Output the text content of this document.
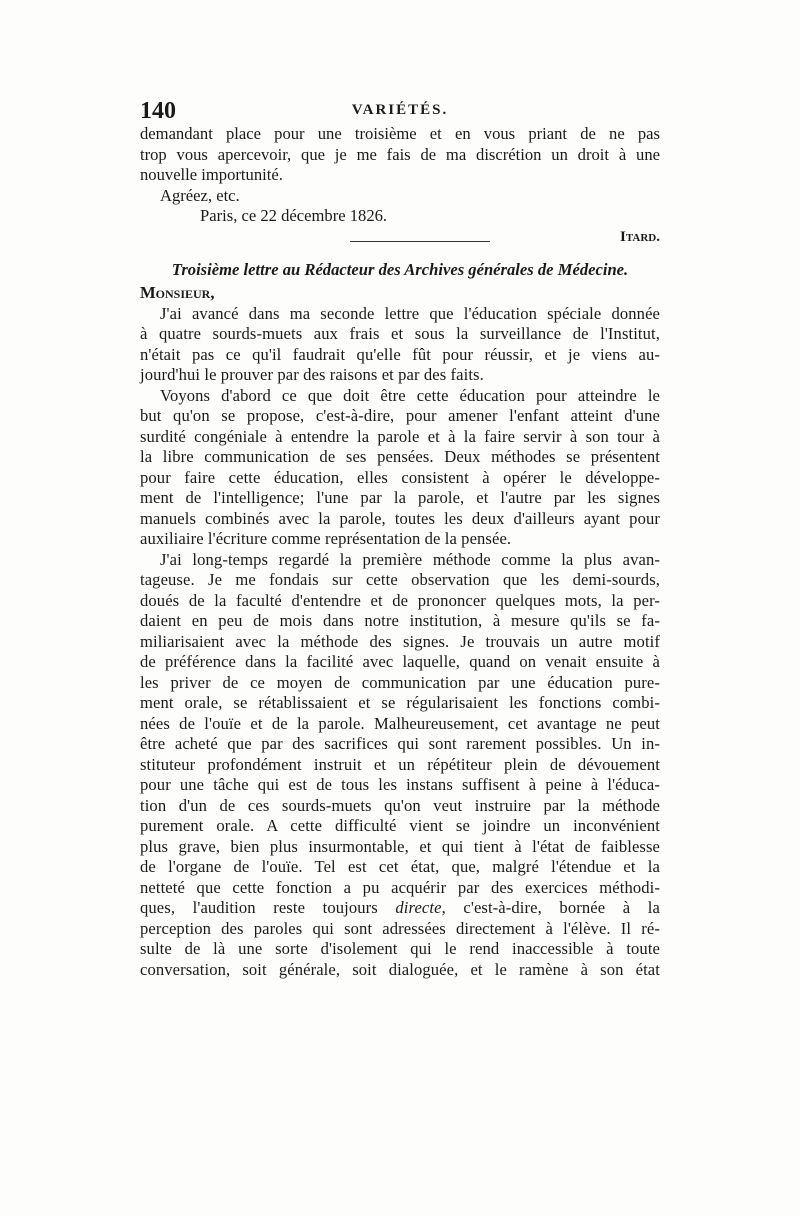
140	VARIÉTÉS.
demandant place pour une troisième et en vous priant de ne pas
trop vous apercevoir, que je me fais de ma discrétion un droit à une
nouvelle importunité.
Agréez, etc.
Paris, ce 22 décembre 1826.
Itard.
Troisième lettre au Rédacteur des Archives générales de Médecine.
Monsieur,
J'ai avancé dans ma seconde lettre que l'éducation spéciale donnée
à quatre sourds-muets aux frais et sous la surveillance de l'Institut,
n'était pas ce qu'il faudrait qu'elle fût pour réussir, et je viens au-
jourd'hui le prouver par des raisons et par des faits.
Voyons d'abord ce que doit être cette éducation pour atteindre le
but qu'on se propose, c'est-à-dire, pour amener l'enfant atteint d'une
surdité congéniale à entendre la parole et à la faire servir à son tour à
la libre communication de ses pensées. Deux méthodes se présentent
pour faire cette éducation, elles consistent à opérer le développe-
ment de l'intelligence; l'une par la parole, et l'autre par les signes
manuels combinés avec la parole, toutes les deux d'ailleurs ayant pour
auxiliaire l'écriture comme représentation de la pensée.
J'ai long-temps regardé la première méthode comme la plus avan-
tageuse. Je me fondais sur cette observation que les demi-sourds,
doués de la faculté d'entendre et de prononcer quelques mots, la per-
daient en peu de mois dans notre institution, à mesure qu'ils se fa-
miliarisaient avec la méthode des signes. Je trouvais un autre motif
de préférence dans la facilité avec laquelle, quand on venait ensuite à
les priver de ce moyen de communication par une éducation pure-
ment orale, se rétablissaient et se régularisaient les fonctions combi-
nées de l'ouïe et de la parole. Malheureusement, cet avantage ne peut
être acheté que par des sacrifices qui sont rarement possibles. Un in-
stituteur profondément instruit et un répétiteur plein de dévouement
pour une tâche qui est de tous les instans suffisent à peine à l'éduca-
tion d'un de ces sourds-muets qu'on veut instruire par la méthode
purement orale. A cette difficulté vient se joindre un inconvénient
plus grave, bien plus insurmontable, et qui tient à l'état de faiblesse
de l'organe de l'ouïe. Tel est cet état, que, malgré l'étendue et la
netteté que cette fonction a pu acquérir par des exercices méthodi-
ques, l'audition reste toujours directe, c'est-à-dire, bornée à la
perception des paroles qui sont adressées directement à l'élève. Il ré-
sulte de là une sorte d'isolement qui le rend inaccessible à toute
conversation, soit générale, soit dialoguée, et le ramène à son état
